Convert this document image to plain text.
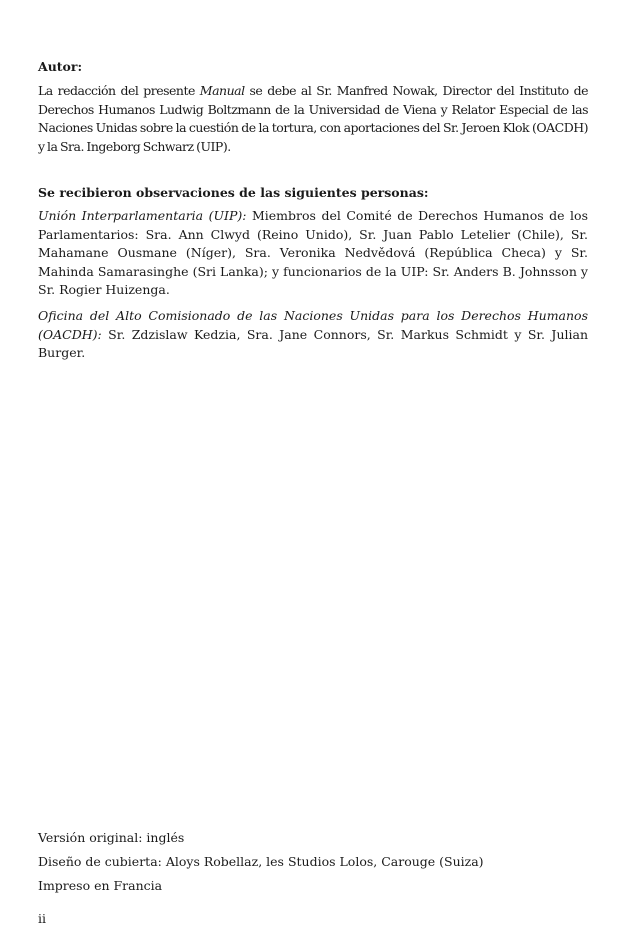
Autor:

La redacción del presente Manual se debe al Sr. Manfred Nowak, Director del Instituto de Derechos Humanos Ludwig Boltzmann de la Universidad de Viena y Relator Especial de las Naciones Unidas sobre la cuestión de la tortura, con aportaciones del Sr. Jeroen Klok (OACDH) y la Sra. Ingeborg Schwarz (UIP).

Se recibieron observaciones de las siguientes personas:

Unión Interparlamentaria (UIP): Miembros del Comité de Derechos Humanos de los Parlamentarios: Sra. Ann Clwyd (Reino Unido), Sr. Juan Pablo Letelier (Chile), Sr. Mahamane Ousmane (Níger), Sra. Veronika Nedvědová (República Checa) y Sr. Mahinda Samarasinghe (Sri Lanka); y funcionarios de la UIP: Sr. Anders B. Johnsson y Sr. Rogier Huizenga.

Oficina del Alto Comisionado de las Naciones Unidas para los Derechos Humanos (OACDH): Sr. Zdzislaw Kedzia, Sra. Jane Connors, Sr. Markus Schmidt y Sr. Julian Burger.

Versión original: inglés

Diseño de cubierta: Aloys Robellaz, les Studios Lolos, Carouge (Suiza)

Impreso en Francia

ii
